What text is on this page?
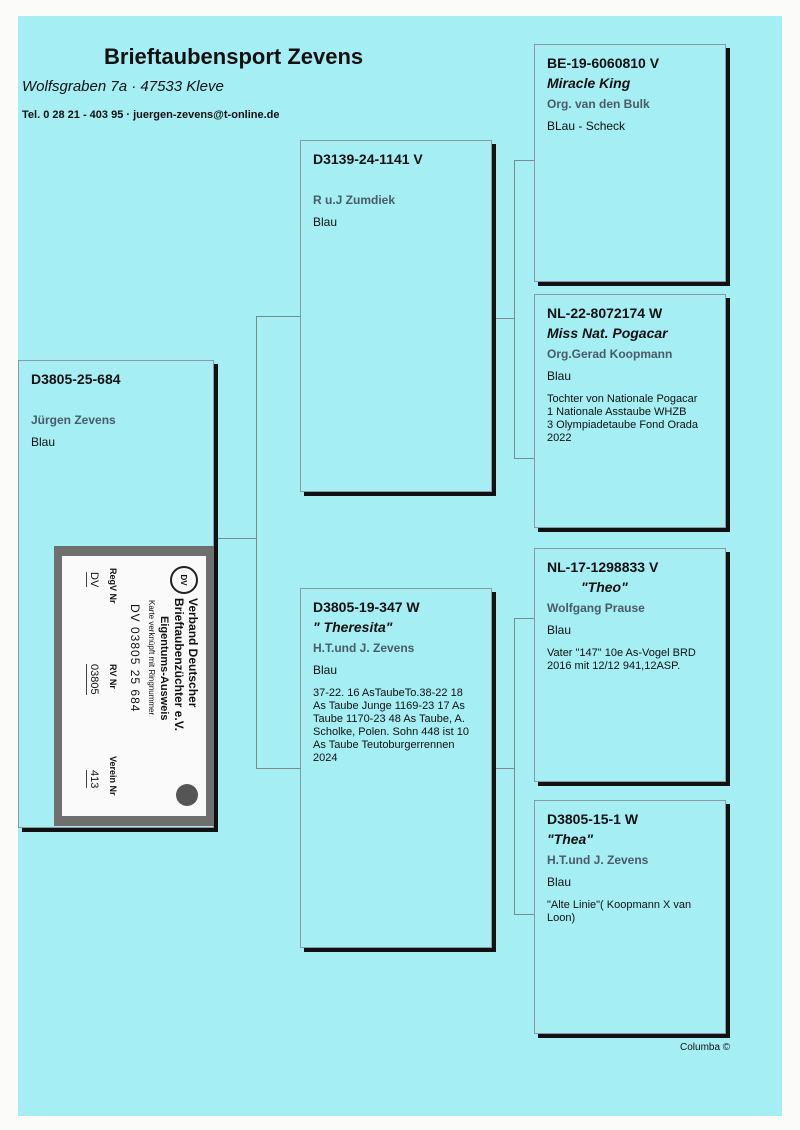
Brieftaubensport Zevens
Wolfsgraben 7a · 47533 Kleve
Tel. 0 28 21 - 403 95 · juergen-zevens@t-online.de
D3805-25-684
Jürgen Zevens
Blau
D3139-24-1141 V
R u.J Zumdiek
Blau
D3805-19-347 W
" Theresita"
H.T.und J. Zevens
Blau
37-22. 16 AsTaubeTo.38-22 18
As Taube Junge 1169-23 17 As
Taube 1170-23 48 As Taube, A.
Scholke, Polen. Sohn 448 ist 10
As Taube Teutoburgerrennen
2024
BE-19-6060810 V
Miracle King
Org. van den Bulk
BLau - Scheck
NL-22-8072174 W
Miss Nat. Pogacar
Org.Gerad Koopmann
Blau
Tochter von Nationale Pogacar
1 Nationale Asstaube WHZB
3 Olympiadetaube Fond Orada
2022
NL-17-1298833 V
"Theo"
Wolfgang Prause
Blau
Vater "147" 10e As-Vogel BRD
2016 mit 12/12 941,12ASP.
D3805-15-1 W
"Thea"
H.T.und J. Zevens
Blau
"Alte Linie"( Koopmann X van
Loon)
DV
Verband Deutscher
Brieftaubenzüchter e.V.
Eigentums-Ausweis
Karte verknüpft mit Ringnummer
DV 03805 25 684
RegV Nr
RV Nr
Verein Nr
DV
03805
413
Columba ©
